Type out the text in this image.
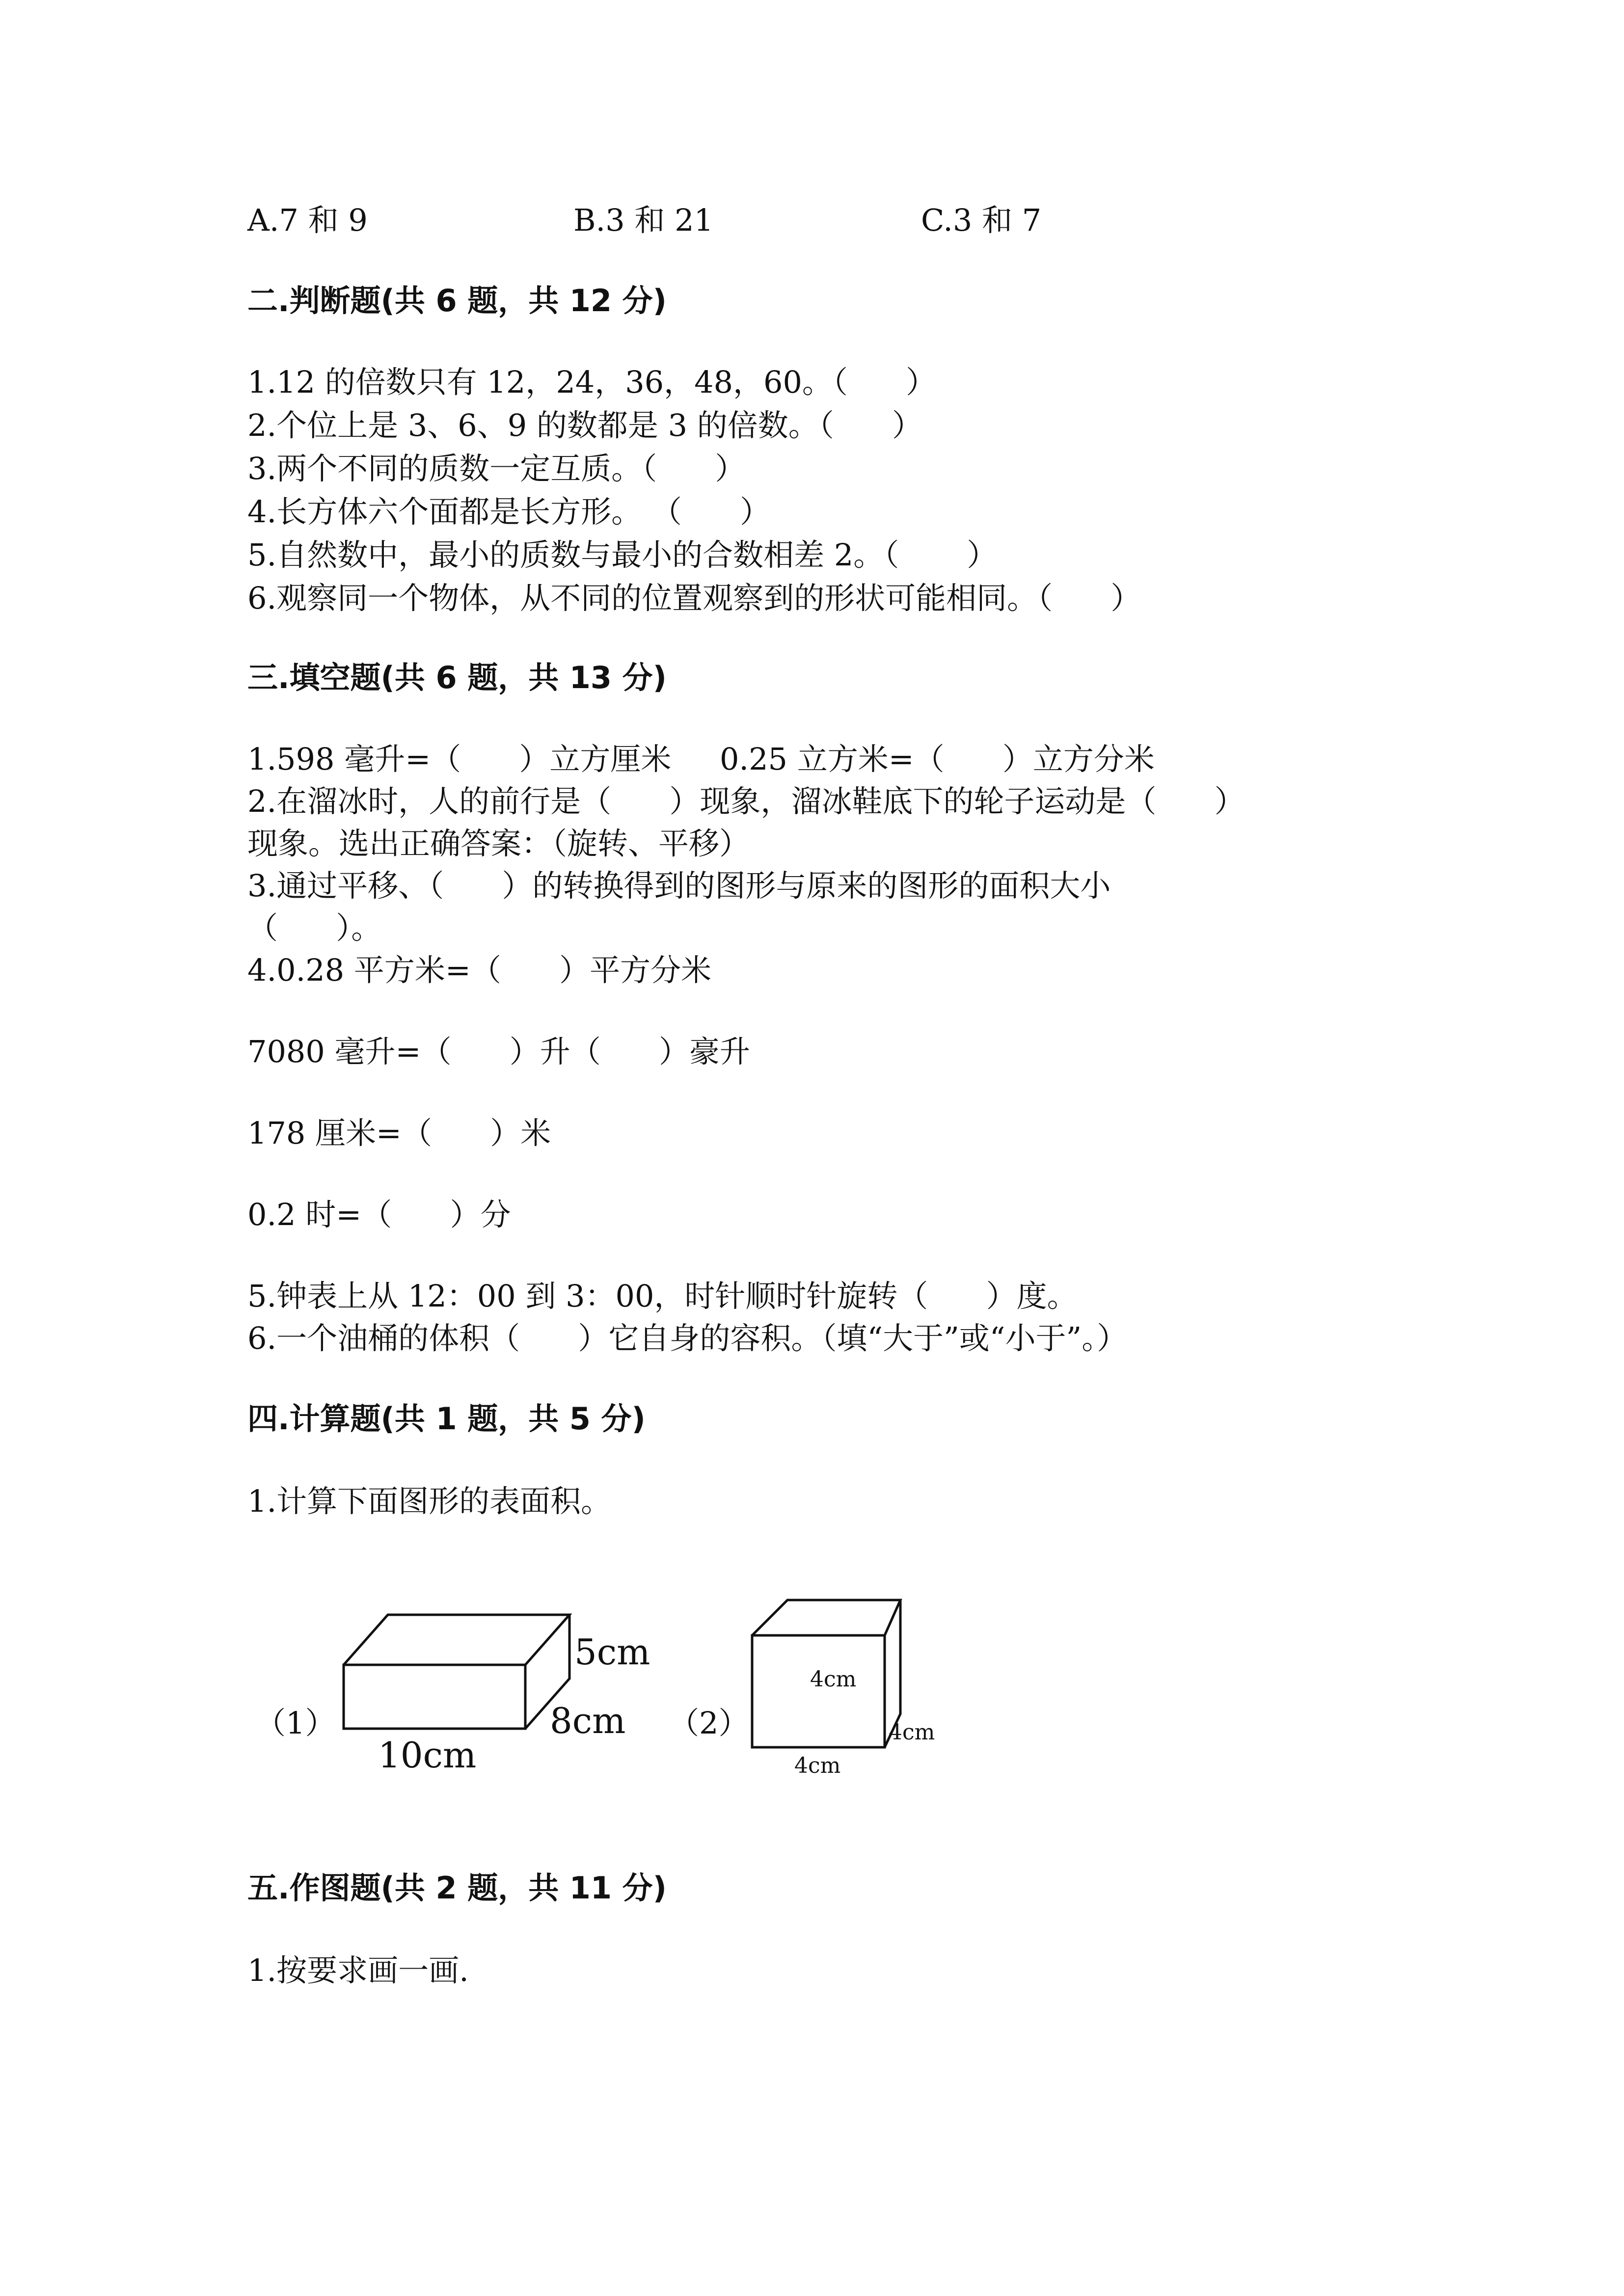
A.7 和 9	B.3 和 21	C.3 和 7
二.判断题(共 6 题，共 12 分)
1.12 的倍数只有 12，24，36，48，60。（      ）
2.个位上是 3、6、9 的数都是 3 的倍数。（      ）
3.两个不同的质数一定互质。（      ）
4.长方体六个面都是长方形。 （      ）
5.自然数中，最小的质数与最小的合数相差 2。（       ）
6.观察同一个物体，从不同的位置观察到的形状可能相同。（      ）
三.填空题(共 6 题，共 13 分)
1.598 毫升=（      ）立方厘米     0.25 立方米=（      ）立方分米
2.在溜冰时，人的前行是（      ）现象，溜冰鞋底下的轮子运动是（      ）
现象。选出正确答案：（旋转、平移）
3.通过平移、（      ）的转换得到的图形与原来的图形的面积大小
（      ）。
4.0.28 平方米=（      ）平方分米
7080 毫升=（      ）升（      ）豪升
178 厘米=（      ）米
0.2 时=（      ）分
5.钟表上从 12：00 到 3：00，时针顺时针旋转（      ）度。
6.一个油桶的体积（      ）它自身的容积。（填“大于”或“小于”。）
四.计算题(共 1 题，共 5 分)
1.计算下面图形的表面积。
（1）
5cm
8cm
10cm
（2）
4cm
4cm
4cm
五.作图题(共 2 题，共 11 分)
1.按要求画一画.
